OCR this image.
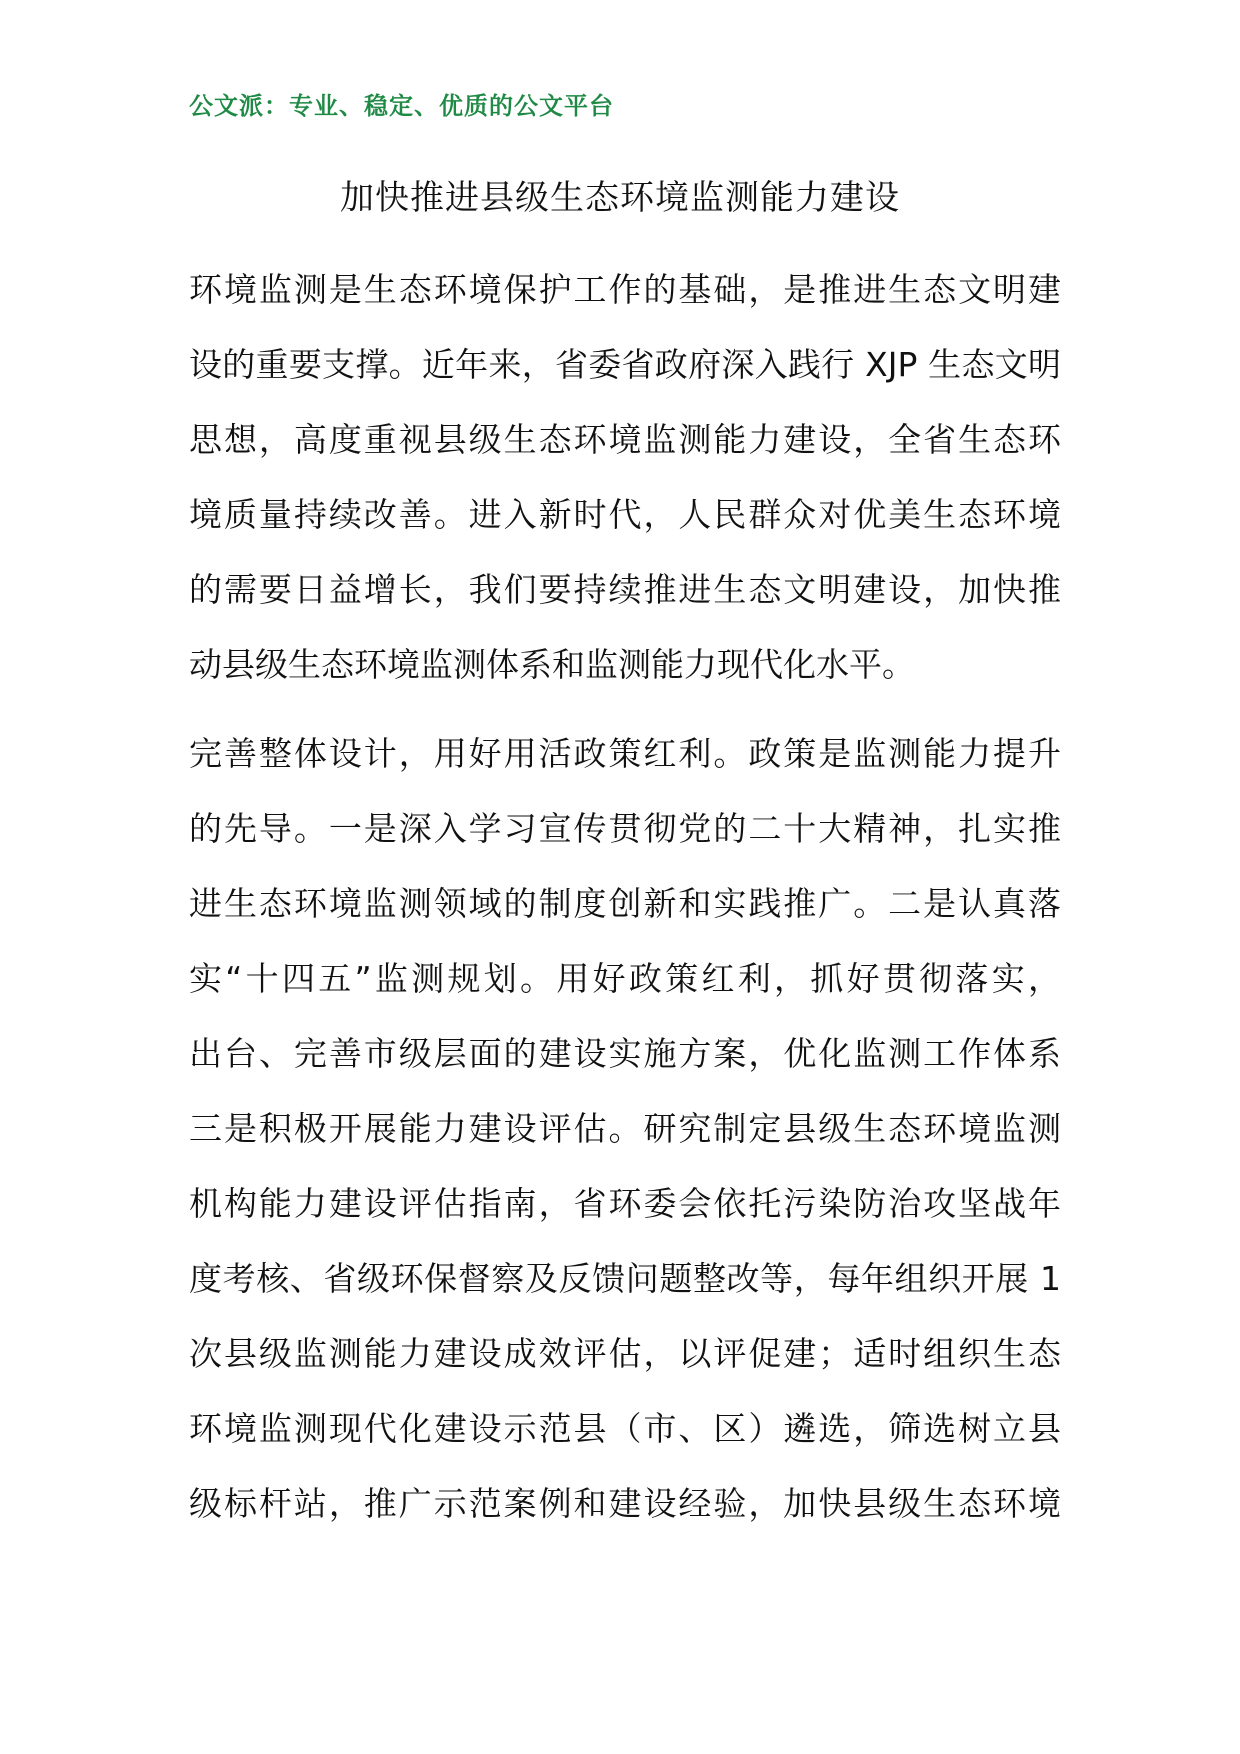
公文派：专业、稳定、优质的公文平台
加快推进县级生态环境监测能力建设
环境监测是生态环境保护工作的基础，是推进生态文明建
设的重要支撑。近年来，省委省政府深入践行 XJP 生态文明
思想，高度重视县级生态环境监测能力建设，全省生态环
境质量持续改善。进入新时代，人民群众对优美生态环境
的需要日益增长，我们要持续推进生态文明建设，加快推
动县级生态环境监测体系和监测能力现代化水平。
完善整体设计，用好用活政策红利。政策是监测能力提升
的先导。一是深入学习宣传贯彻党的二十大精神，扎实推
进生态环境监测领域的制度创新和实践推广。二是认真落
实“十四五”监测规划。用好政策红利，抓好贯彻落实，
出台、完善市级层面的建设实施方案，优化监测工作体系
三是积极开展能力建设评估。研究制定县级生态环境监测
机构能力建设评估指南，省环委会依托污染防治攻坚战年
度考核、省级环保督察及反馈问题整改等，每年组织开展 1
次县级监测能力建设成效评估，以评促建；适时组织生态
环境监测现代化建设示范县（市、区）遴选，筛选树立县
级标杆站，推广示范案例和建设经验，加快县级生态环境
